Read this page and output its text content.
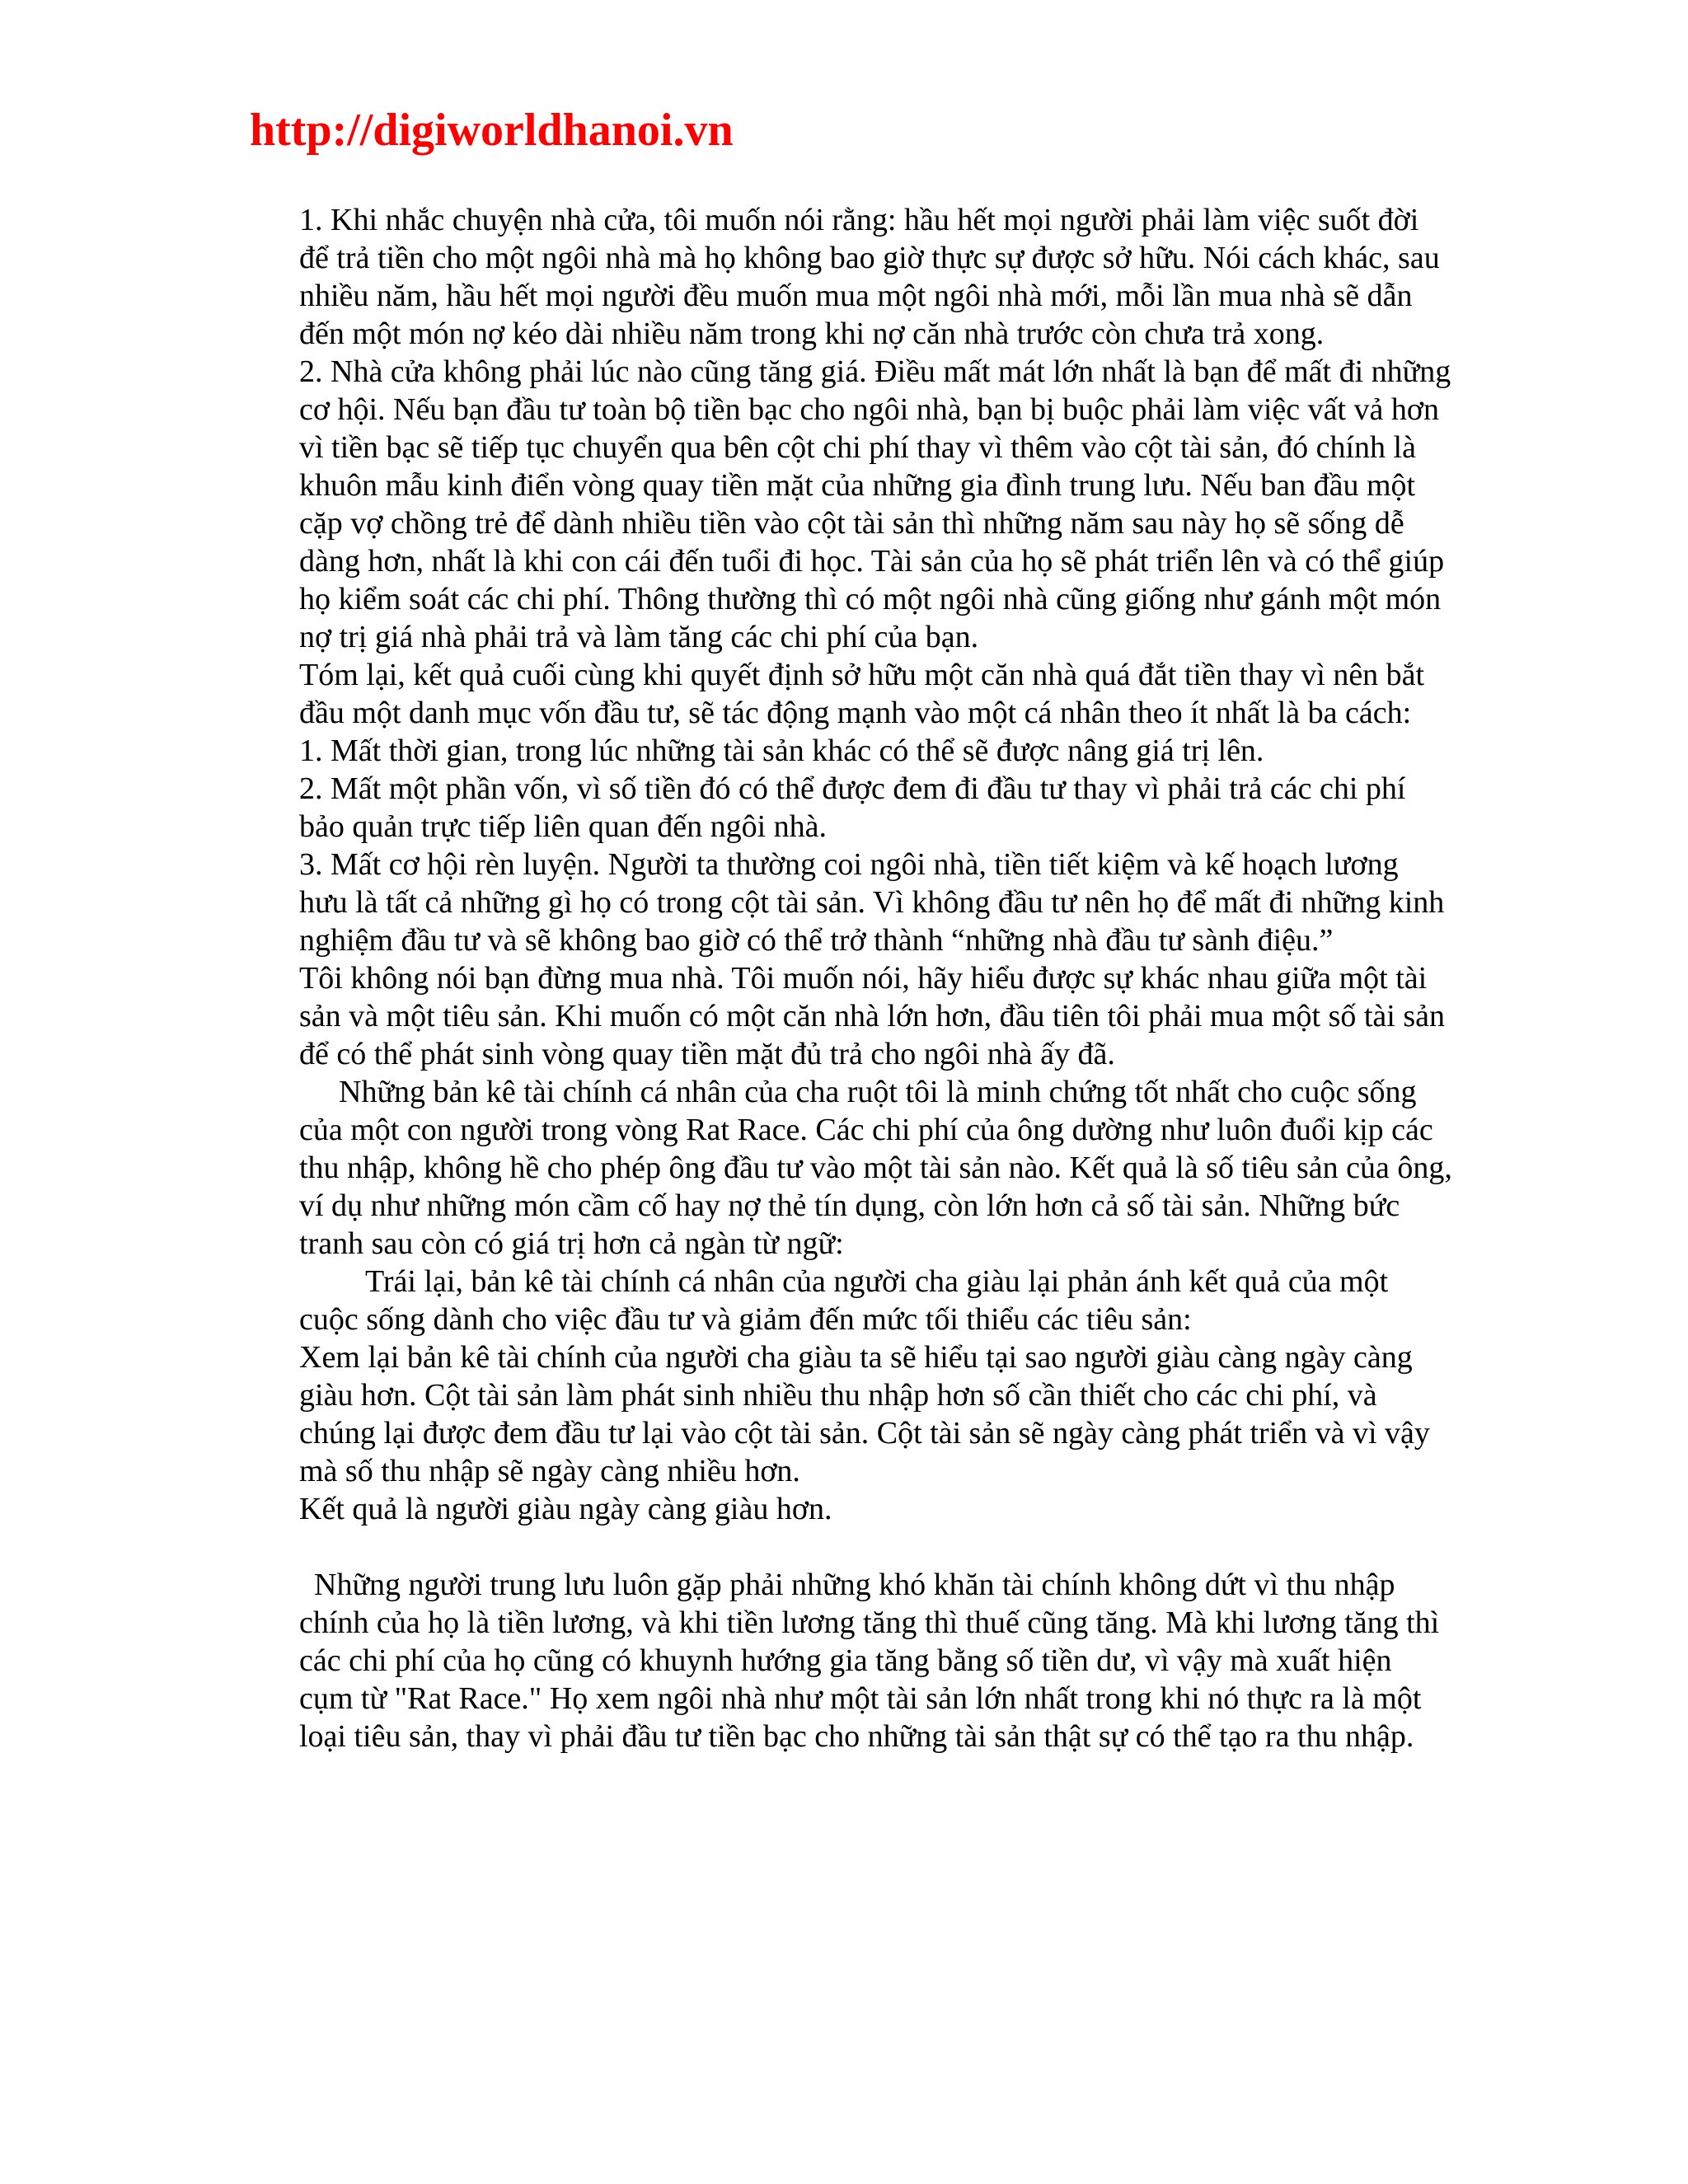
http://digiworldhanoi.vn

1. Khi nhắc chuyện nhà cửa, tôi muốn nói rằng: hầu hết mọi người phải làm việc suốt đời để trả tiền cho một ngôi nhà mà họ không bao giờ thực sự được sở hữu. Nói cách khác, sau nhiều năm, hầu hết mọi người đều muốn mua một ngôi nhà mới, mỗi lần mua nhà sẽ dẫn đến một món nợ kéo dài nhiều năm trong khi nợ căn nhà trước còn chưa trả xong.

2. Nhà cửa không phải lúc nào cũng tăng giá. Điều mất mát lớn nhất là bạn để mất đi những cơ hội. Nếu bạn đầu tư toàn bộ tiền bạc cho ngôi nhà, bạn bị buộc phải làm việc vất vả hơn vì tiền bạc sẽ tiếp tục chuyển qua bên cột chi phí thay vì thêm vào cột tài sản, đó chính là khuôn mẫu kinh điển vòng quay tiền mặt của những gia đình trung lưu. Nếu ban đầu một cặp vợ chồng trẻ để dành nhiều tiền vào cột tài sản thì những năm sau này họ sẽ sống dễ dàng hơn, nhất là khi con cái đến tuổi đi học. Tài sản của họ sẽ phát triển lên và có thể giúp họ kiểm soát các chi phí. Thông thường thì có một ngôi nhà cũng giống như gánh một món nợ trị giá nhà phải trả và làm tăng các chi phí của bạn.

Tóm lại, kết quả cuối cùng khi quyết định sở hữu một căn nhà quá đắt tiền thay vì nên bắt đầu một danh mục vốn đầu tư, sẽ tác động mạnh vào một cá nhân theo ít nhất là ba cách:

1. Mất thời gian, trong lúc những tài sản khác có thể sẽ được nâng giá trị lên.

2. Mất một phần vốn, vì số tiền đó có thể được đem đi đầu tư thay vì phải trả các chi phí bảo quản trực tiếp liên quan đến ngôi nhà.

3. Mất cơ hội rèn luyện. Người ta thường coi ngôi nhà, tiền tiết kiệm và kế hoạch lương hưu là tất cả những gì họ có trong cột tài sản. Vì không đầu tư nên họ để mất đi những kinh nghiệm đầu tư và sẽ không bao giờ có thể trở thành “những nhà đầu tư sành điệu.”

Tôi không nói bạn đừng mua nhà. Tôi muốn nói, hãy hiểu được sự khác nhau giữa một tài sản và một tiêu sản. Khi muốn có một căn nhà lớn hơn, đầu tiên tôi phải mua một số tài sản để có thể phát sinh vòng quay tiền mặt đủ trả cho ngôi nhà ấy đã.

Những bản kê tài chính cá nhân của cha ruột tôi là minh chứng tốt nhất cho cuộc sống của một con người trong vòng Rat Race. Các chi phí của ông dường như luôn đuổi kịp các thu nhập, không hề cho phép ông đầu tư vào một tài sản nào. Kết quả là số tiêu sản của ông, ví dụ như những món cầm cố hay nợ thẻ tín dụng, còn lớn hơn cả số tài sản. Những bức tranh sau còn có giá trị hơn cả ngàn từ ngữ:

Trái lại, bản kê tài chính cá nhân của người cha giàu lại phản ánh kết quả của một cuộc sống dành cho việc đầu tư và giảm đến mức tối thiểu các tiêu sản:

Xem lại bản kê tài chính của người cha giàu ta sẽ hiểu tại sao người giàu càng ngày càng giàu hơn. Cột tài sản làm phát sinh nhiều thu nhập hơn số cần thiết cho các chi phí, và chúng lại được đem đầu tư lại vào cột tài sản. Cột tài sản sẽ ngày càng phát triển và vì vậy mà số thu nhập sẽ ngày càng nhiều hơn.

Kết quả là người giàu ngày càng giàu hơn.

Những người trung lưu luôn gặp phải những khó khăn tài chính không dứt vì thu nhập chính của họ là tiền lương, và khi tiền lương tăng thì thuế cũng tăng. Mà khi lương tăng thì các chi phí của họ cũng có khuynh hướng gia tăng bằng số tiền dư, vì vậy mà xuất hiện cụm từ "Rat Race." Họ xem ngôi nhà như một tài sản lớn nhất trong khi nó thực ra là một loại tiêu sản, thay vì phải đầu tư tiền bạc cho những tài sản thật sự có thể tạo ra thu nhập.
